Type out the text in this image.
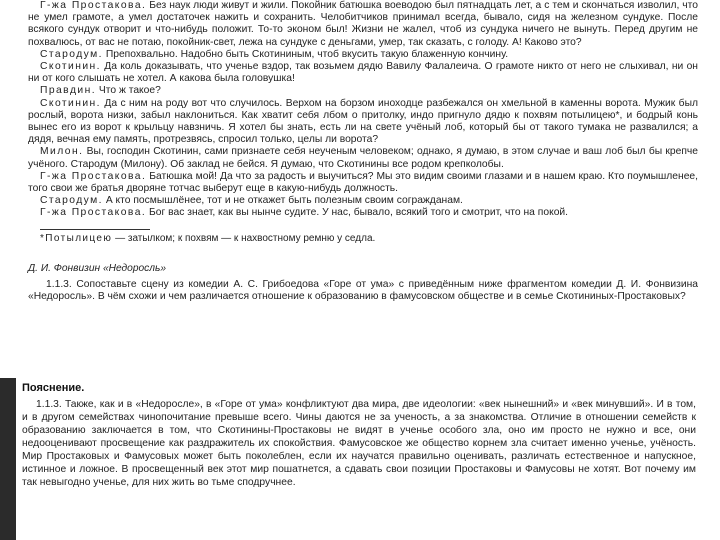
Г-жа Простакова. Без наук люди живут и жили. Покойник батюшка воеводою был пятнадцать лет, а с тем и скончаться изволил, что не умел грамоте, а умел достаточек нажить и сохранить. Челобитчиков принимал всегда, бывало, сидя на железном сундуке. После всякого сундук отворит и что-нибудь положит. То-то эконом был! Жизни не жалел, чтоб из сундука ничего не вынуть. Перед другим не похвалюсь, от вас не потаю, покойник-свет, лежа на сундуке с деньгами, умер, так сказать, с голоду. А! Каково это?

Стародум. Препохвально. Надобно быть Скотининым, чтоб вкусить такую блаженную кончину.

Скотинин. Да коль доказывать, что ученье вздор, так возьмем дядю Вавилу Фалалеича. О грамоте никто от него не слыхивал, ни он ни от кого слышать не хотел. А какова была головушка!

Правдин. Что ж такое?

Скотинин. Да с ним на роду вот что случилось. Верхом на борзом иноходце разбежался он хмельной в каменны ворота. Мужик был рослый, ворота низки, забыл наклониться. Как хватит себя лбом о притолку, индо пригнуло дядю к похвям потылицею*, и бодрый конь вынес его из ворот к крыльцу навзничь. Я хотел бы знать, есть ли на свете учёный лоб, который бы от такого тумака не развалился; а дядя, вечная ему память, протрезвясь, спросил только, целы ли ворота?

Милон. Вы, господин Скотинин, сами признаете себя неученым человеком; однако, я думаю, в этом случае и ваш лоб был бы крепче учёного. Стародум (Милону). Об заклад не бейся. Я думаю, что Скотинины все родом крепколобы.

Г-жа Простакова. Батюшка мой! Да что за радость и выучиться? Мы это видим своими глазами и в нашем краю. Кто поумышленее, того свои же братья дворяне тотчас выберут еще в какую-нибудь должность.

Стародум. А кто посмышлёнее, тот и не откажет быть полезным своим согражданам.

Г-жа Простакова. Бог вас знает, как вы нынче судите. У нас, бывало, всякий того и смотрит, что на покой.

*Потылицею — затылком; к похвям — к нахвостному ремню у седла.

Д. И. Фонвизин «Недоросль»

1.1.3. Сопоставьте сцену из комедии А. С. Грибоедова «Горе от ума» с приведённым ниже фрагментом комедии Д. И. Фонвизина «Недоросль». В чём схожи и чем различается отношение к образованию в фамусовском обществе и в семье Скотининых-Простаковых?

Пояснение.

1.1.3. Также, как и в «Недоросле», в «Горе от ума» конфликтуют два мира, две идеологии: «век нынешний» и «век минувший». И в том, и в другом семействах чинопочитание превыше всего. Чины даются не за ученость, а за знакомства. Отличие в отношении семейств к образованию заключается в том, что Скотинины-Простаковы не видят в ученье особого зла, оно им просто не нужно и все, они недооценивают просвещение как раздражитель их спокойствия. Фамусовское же общество корнем зла считает именно ученье, учёность. Мир Простаковых и Фамусовых может быть поколеблен, если их научатся правильно оценивать, различать естественное и напускное, истинное и ложное. В просвещенный век этот мир пошатнется, а сдавать свои позиции Простаковы и Фамусовы не хотят. Вот почему им так невыгодно ученье, для них жить во тьме сподручнее.
